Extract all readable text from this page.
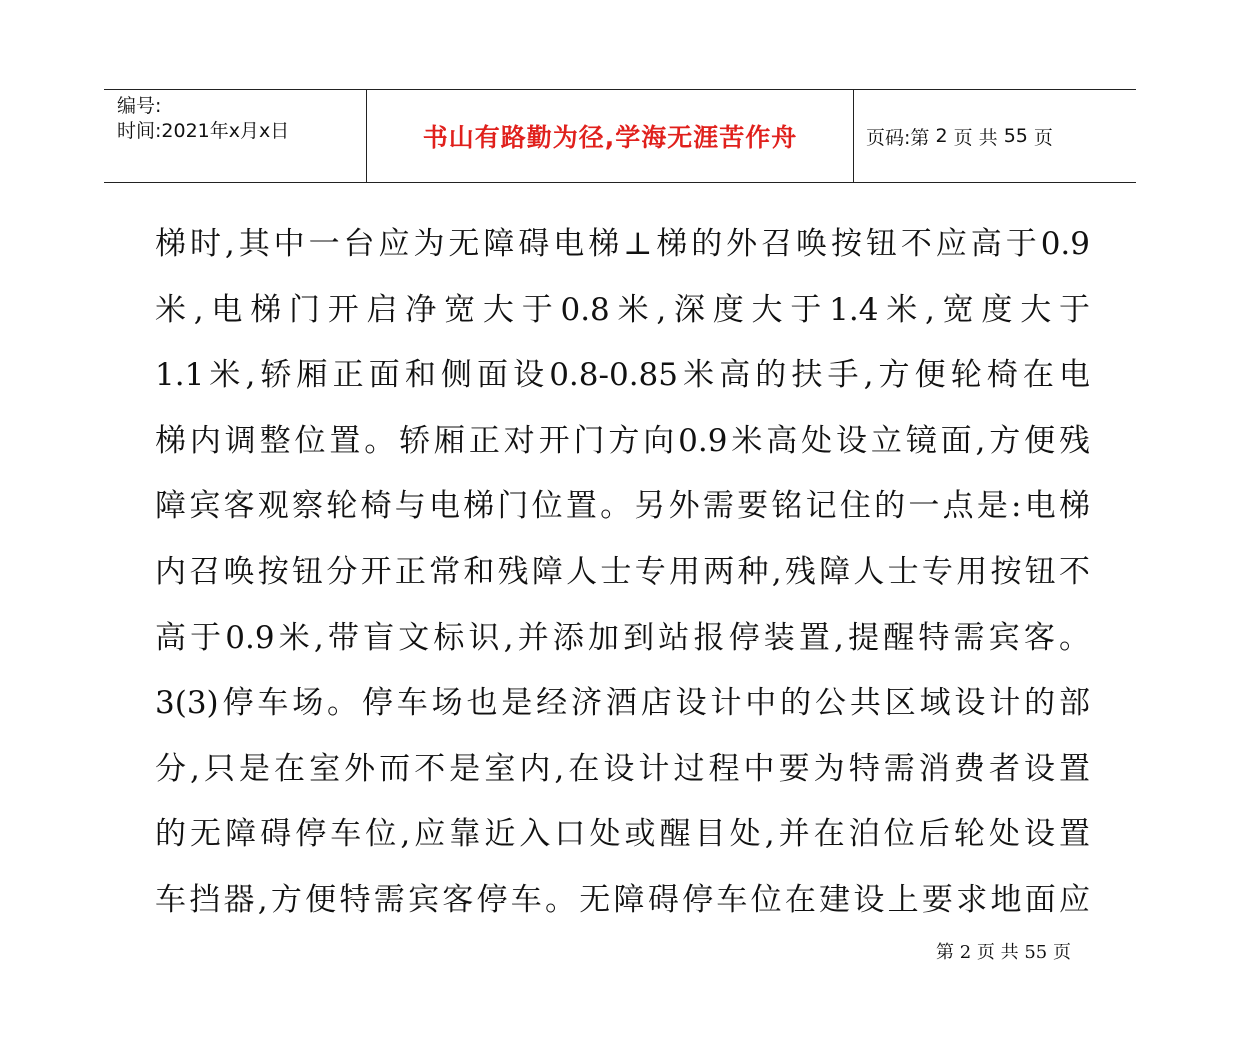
编号:
时间:2021年x月x日	书山有路勤为径,学海无涯苦作舟	页码:第
2
页 共
55
页
梯时,其中一台应为无障碍电梯⊥梯的外召唤按钮不应高于0.9
米,电梯门开启净宽大于0.8米,深度大于1.4米,宽度大于
1.1米,轿厢正面和侧面设0.8-0.85米高的扶手,方便轮椅在电
梯内调整位置。轿厢正对开门方向0.9米高处设立镜面,方便残
障宾客观察轮椅与电梯门位置。另外需要铭记住的一点是:电梯
内召唤按钮分开正常和残障人士专用两种,残障人士专用按钮不
高于0.9米,带盲文标识,并添加到站报停装置,提醒特需宾客。
3(3)停车场。停车场也是经济酒店设计中的公共区域设计的部
分,只是在室外而不是室内,在设计过程中要为特需消费者设置
的无障碍停车位,应靠近入口处或醒目处,并在泊位后轮处设置
车挡器,方便特需宾客停车。无障碍停车位在建设上要求地面应
第 2 页 共 55 页
